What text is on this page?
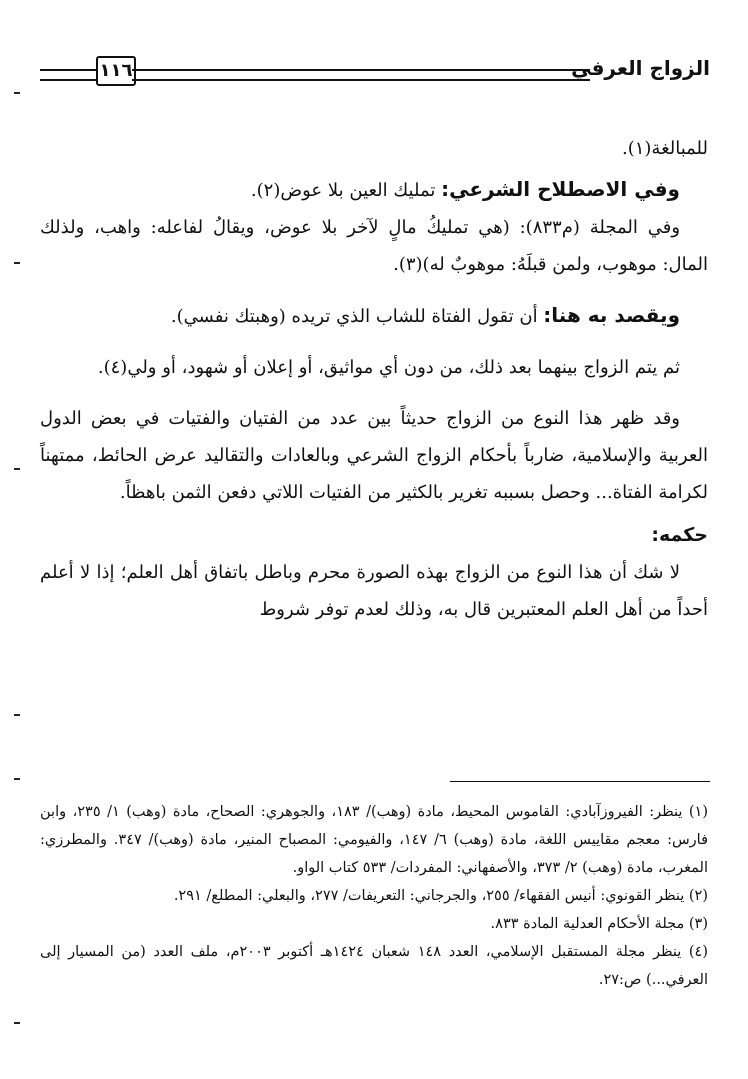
١١٦	الزواج العرفي

للمبالغة(١).

وفي الاصطلاح الشرعي: تمليك العين بلا عوض(٢).

وفي المجلة (م٨٣٣): (هي تمليكُ مالٍ لآخر بلا عوض، ويقالُ لفاعله: واهب، ولذلك المال: موهوب، ولمن قبلَهُ: موهوبٌ له)(٣).

ويقصد به هنا: أن تقول الفتاة للشاب الذي تريده (وهبتك نفسي).

ثم يتم الزواج بينهما بعد ذلك، من دون أي مواثيق، أو إعلان أو شهود، أو ولي(٤).

وقد ظهر هذا النوع من الزواج حديثاً بين عدد من الفتيان والفتيات في بعض الدول العربية والإسلامية، ضارباً بأحكام الزواج الشرعي وبالعادات والتقاليد عرض الحائط، ممتهناً لكرامة الفتاة... وحصل بسببه تغرير بالكثير من الفتيات اللاتي دفعن الثمن باهظاً.

حكمه:

لا شك أن هذا النوع من الزواج بهذه الصورة محرم وباطل باتفاق أهل العلم؛ إذا لا أعلم أحداً من أهل العلم المعتبرين قال به، وذلك لعدم توفر شروط

(١) ينظر: الفيروزآبادي: القاموس المحيط، مادة (وهب)/ ١٨٣، والجوهري: الصحاح، مادة (وهب) ١/ ٢٣٥، وابن فارس: معجم مقاييس اللغة، مادة (وهب) ٦/ ١٤٧، والفيومي: المصباح المنير، مادة (وهب)/ ٣٤٧. والمطرزي: المغرب، مادة (وهب) ٢/ ٣٧٣، والأصفهاني: المفردات/ ٥٣٣ كتاب الواو.

(٢) ينظر القونوي: أنيس الفقهاء/ ٢٥٥، والجرجاني: التعريفات/ ٢٧٧، والبعلي: المطلع/ ٢٩١.

(٣) مجلة الأحكام العدلية المادة ٨٣٣.

(٤) ينظر مجلة المستقبل الإسلامي، العدد ١٤٨ شعبان ١٤٢٤هـ أكتوبر ٢٠٠٣م، ملف العدد (من المسيار إلى العرفي...) ص:٢٧.
